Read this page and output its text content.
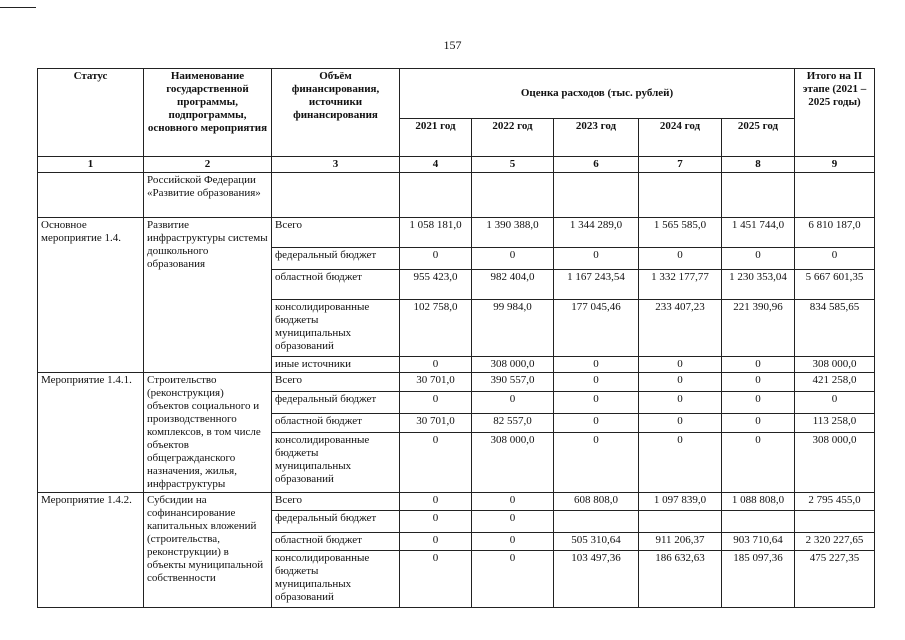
157
Статус	Наименование государственной программы, подпрограммы, основного мероприятия	Объём финансирования, источники финансирования	Оценка расходов (тыс. рублей)					Итого на II этапе (2021 – 2025 годы)
			2021 год	2022 год	2023 год	2024 год	2025 год	
1	2	3	4	5	6	7	8	9
	Российской Федерации «Развитие образования»							
Основное мероприятие 1.4.	Развитие инфраструктуры системы дошкольного образования	Всего	1 058 181,0	1 390 388,0	1 344 289,0	1 565 585,0	1 451 744,0	6 810 187,0
		федеральный бюджет	0	0	0	0	0	0
		областной бюджет	955 423,0	982 404,0	1 167 243,54	1 332 177,77	1 230 353,04	5 667 601,35
		консолидированные бюджеты муниципальных образований	102 758,0	99 984,0	177 045,46	233 407,23	221 390,96	834 585,65
		иные источники	0	308 000,0	0	0	0	308 000,0
Мероприятие 1.4.1.	Строительство (реконструкция) объектов социального и производственного комплексов, в том числе объектов общегражданского назначения, жилья, инфраструктуры	Всего	30 701,0	390 557,0	0	0	0	421 258,0
		федеральный бюджет	0	0	0	0	0	0
		областной бюджет	30 701,0	82 557,0	0	0	0	113 258,0
		консолидированные бюджеты муниципальных образований	0	308 000,0	0	0	0	308 000,0
Мероприятие 1.4.2.	Субсидии на софинансирование капитальных вложений (строительства, реконструкции) в объекты муниципальной собственности	Всего	0	0	608 808,0	1 097 839,0	1 088 808,0	2 795 455,0
		федеральный бюджет	0	0				
		областной бюджет	0	0	505 310,64	911 206,37	903 710,64	2 320 227,65
		консолидированные бюджеты муниципальных образований	0	0	103 497,36	186 632,63	185 097,36	475 227,35
